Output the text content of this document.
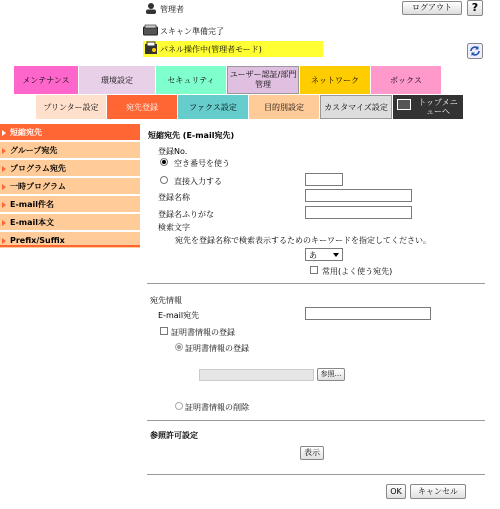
管理者	ログアウト	?
スキャン準備完了
パネル操作中(管理者モード)
メンテナンス	環境設定	セキュリティ
ユーザー認証/部門管理	ネットワーク	ボックス
プリンター設定	宛先登録	ファクス設定	目的別設定	カスタマイズ設定	トップメニューへ
短縮宛先
グループ宛先
プログラム宛先
一時プログラム
E-mail件名
E-mail本文
Prefix/Suffix
短縮宛先 (E-mail宛先)
登録No.
空き番号を使う
直接入力する
登録名称
登録名ふりがな
検索文字
宛先を登録名称で検索表示するためのキーワードを指定してください。
あ
常用(よく使う宛先)
宛先情報
E-mail宛先
証明書情報の登録
証明書情報の登録
参照...
証明書情報の削除
参照許可設定
表示
OK	キャンセル
